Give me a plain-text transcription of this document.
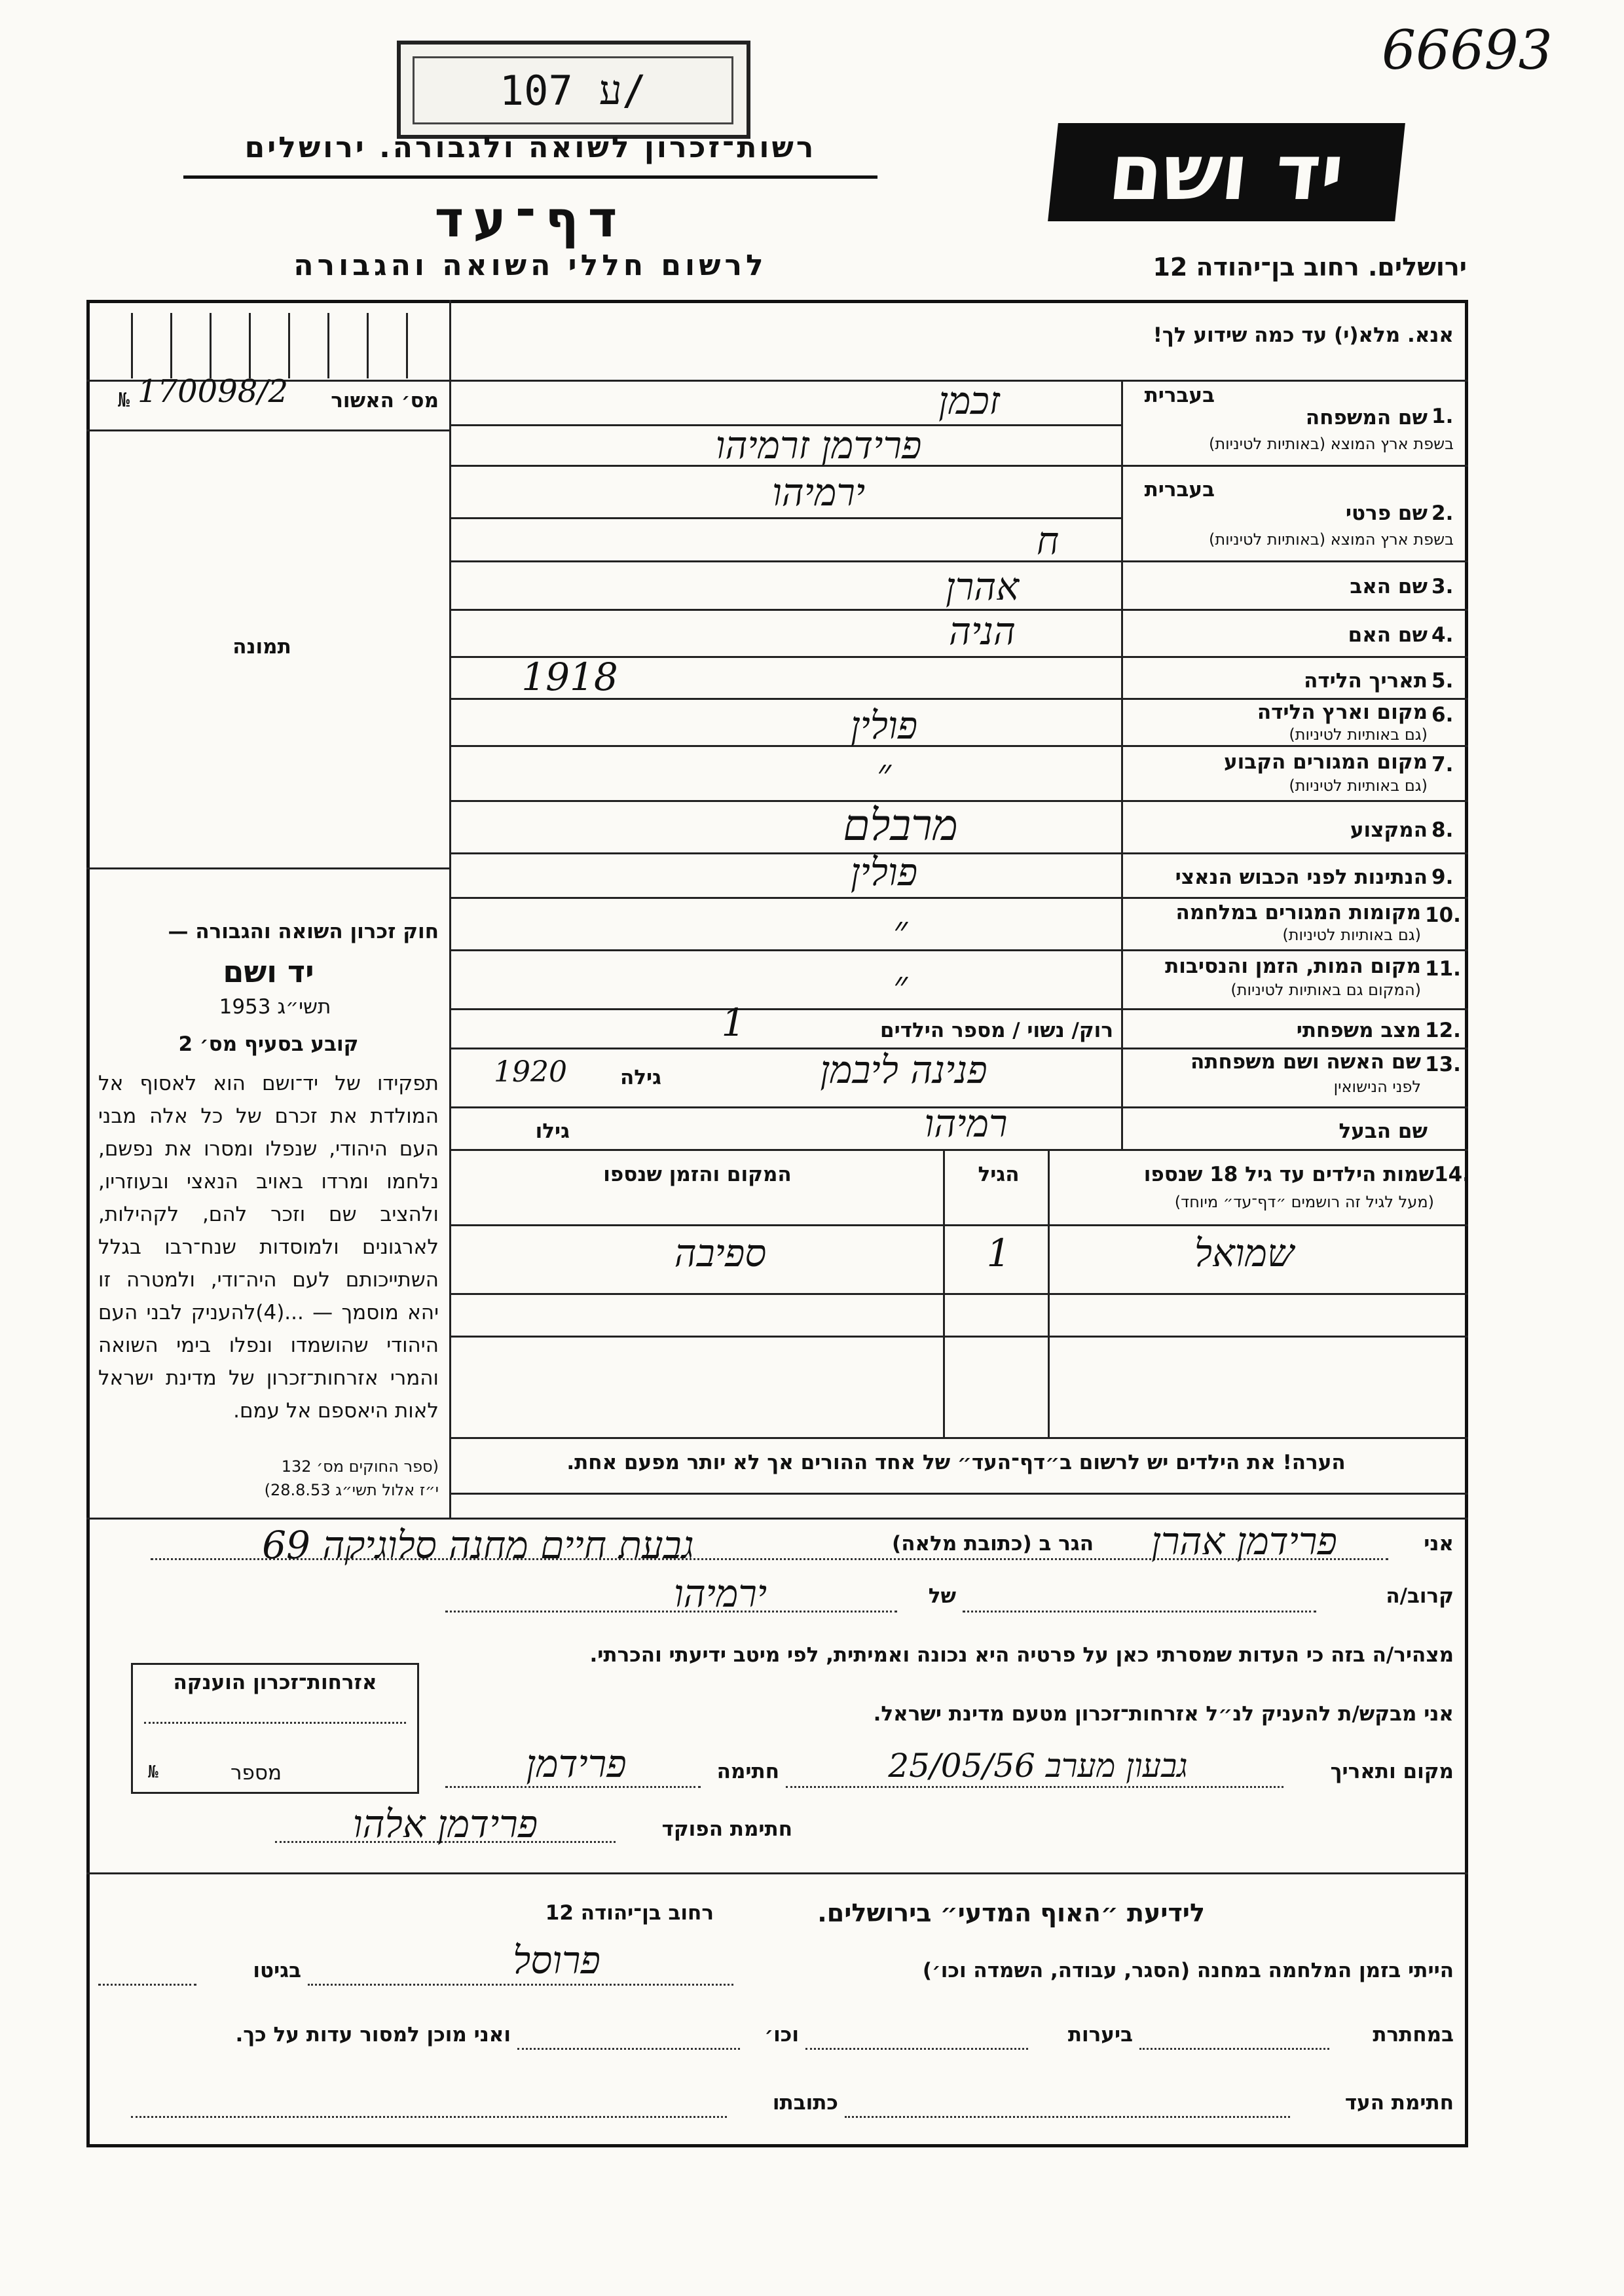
107 ע/
66693
יד ושם
רשות־זכרון לשואה ולגבורה. ירושלים
דף־עד
לרשום חללי השואה והגבורה	ירושלים. רחוב בן־יהודה 12
אנא. מלא(י) עד כמה שידוע לך!
מס׳ האשור
№ 170098/2
תמונה
חוק זכרון השואה והגבורה —
יד ושם
תשי״ג 1953
קובע בסעיף מס׳ 2
תפקידו של יד־ושם הוא לאסוף אל המולדת את זכרם של כל אלה מבני העם היהודי, שנפלו ומסרו את נפשם, נלחמו ומרדו באויב הנאצי ובעוזריו, ולהציב שם וזכר להם, לקהילות, לארגונים ולמוסדות שנח־רבו בגלל השתייכותם לעם היה־ודי, ולמטרה זו יהא מוסמך — ...(4)להעניק לבני העם היהודי שהושמדו ונפלו בימי השואה והמרי אזרחות־זכרון של מדינת ישראל לאות היאספם אל עמם.
(ספר החוקים מס׳ 132
י״ז אלול תשי״ג 28.8.53)
1.
שם המשפחה
בעברית
בשפת ארץ המוצא (באותיות לטיניות)
זכמן
פרידמן זרמיהו
2.
שם פרטי
בעברית
בשפת ארץ המוצא (באותיות לטיניות)
ירמיהו
ח
3.
שם האב
אהרן
4.
שם האם
הניה
5.
תאריך הלידה
1918
6.
מקום וארץ הלידה
(גם באותיות לטיניות)
פולין
7.
מקום המגורים הקבוע
(גם באותיות לטיניות)
״
8.
המקצוע
מרבלם
9.
הנתינות לפני הכבוש הנאצי
פולין
10.
מקומות המגורים במלחמה
(גם באותיות לטיניות)
״
11.
מקום המות, הזמן והנסיבות
(המקום גם באותיות לטיניות)
״
12.
מצב משפחתי
רוק/ נשוי / מספר הילדים
1
13.
שם האשה ושם משפחתה
לפני הנישואין
פנינה ליבמן
גילה
1920
שם הבעל
גילו	רמיהו
14.
שמות הילדים עד גיל 18 שנספו
(מעל לגיל זה רושמים ״דף־עד״ מיוחד)
הגיל
המקום והזמן שנספו
שמואל
1
ספיבה
הערה! את הילדים יש לרשום ב״דף־העד״ של אחד ההורים אך לא יותר מפעם אחת.
אני
פרידמן אהרן
הגר ב (כתובת מלאה)
גבעת חיים מחנה סלוגיקה 69
קרוב/ה
של
ירמיהו
מצהיר/ה בזה כי העדות שמסרתי כאן על פרטיה היא נכונה ואמיתית, לפי מיטב ידיעתי והכרתי.
אני מבקש/ת להעניק לנ״ל אזרחות־זכרון מטעם מדינת ישראל.
מקום ותאריך
גבעון מערב 25/05/56
חתימה
פרידמן
חתימת הפוקד
פרידמן אלהו
אזרחות־זכרון הוענקה
מספר
№
לידיעת ״האוף המדעי״ בירושלים.
רחוב בן־יהודה 12
הייתי בזמן המלחמה במחנה (הסגר, עבודה, השמדה וכו׳)
פרוסל
בגיטו
במחתרת
ביערות
וכו׳
ואני מוכן למסור עדות על כך.
חתימת העד
כתובתו
